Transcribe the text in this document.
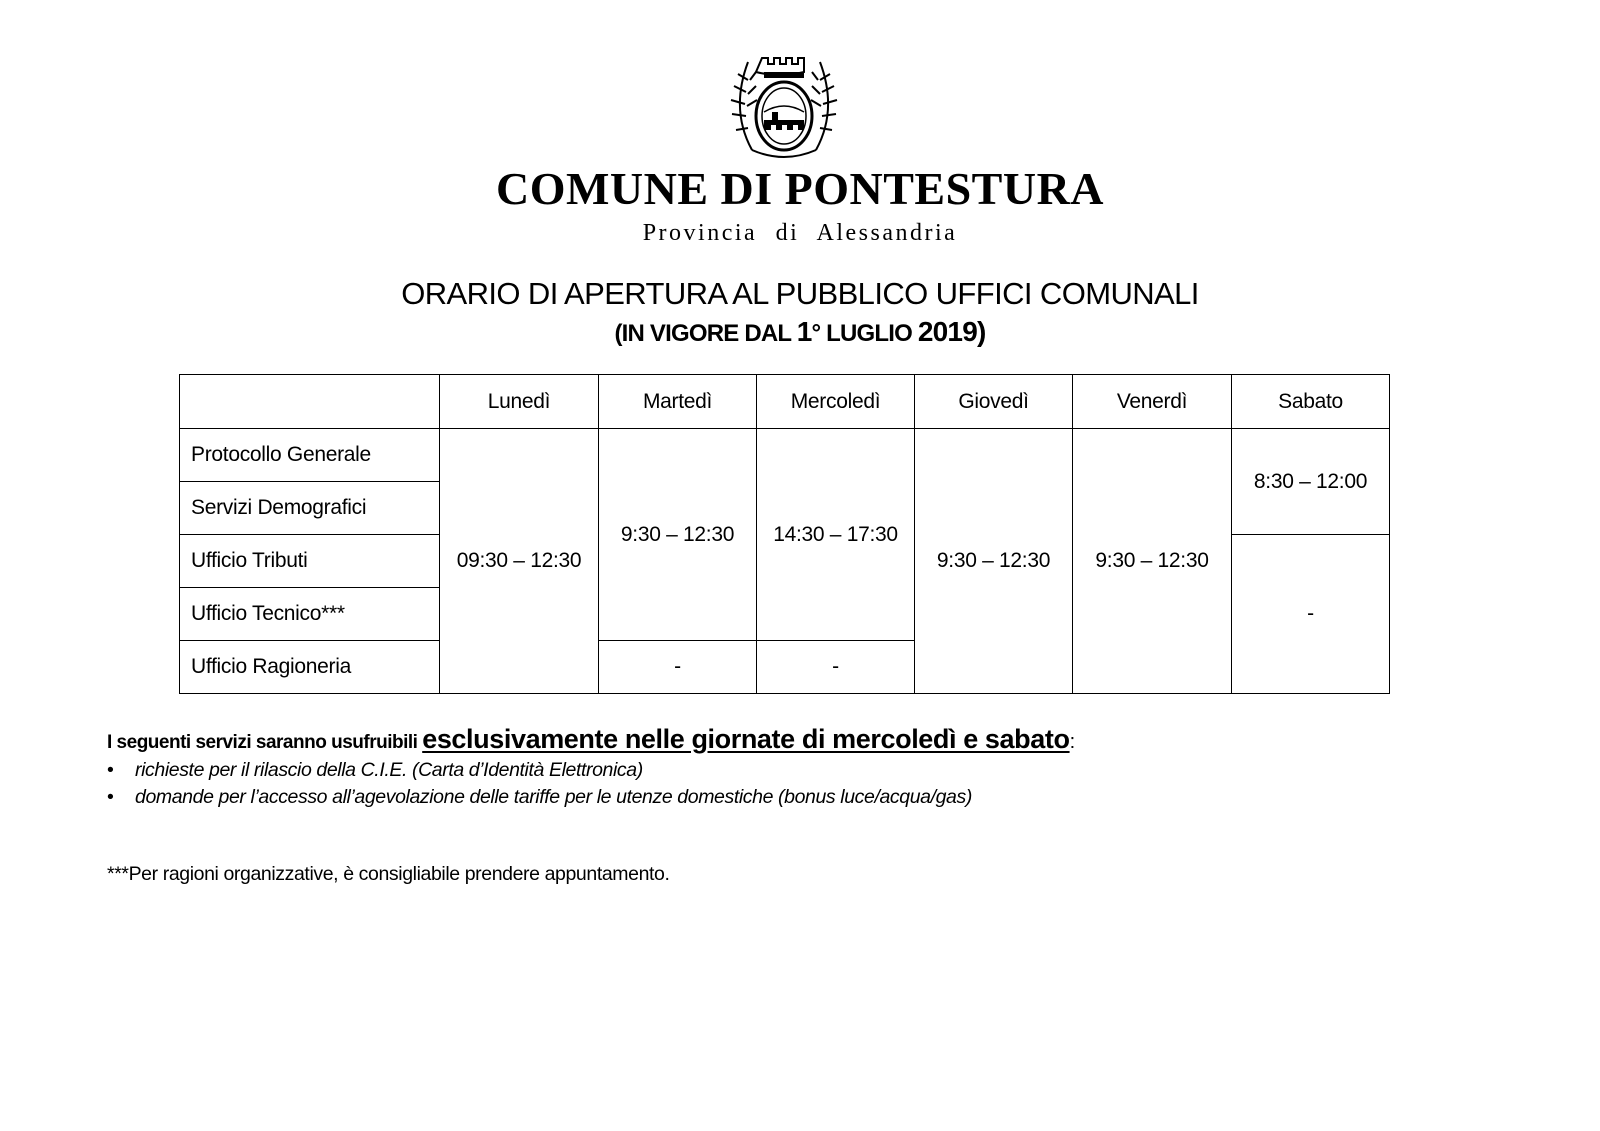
COMUNE DI PONTESTURA
Provincia di Alessandria
ORARIO DI APERTURA AL PUBBLICO UFFICI COMUNALI
(IN VIGORE DAL 1° LUGLIO 2019)
	Lunedì	Martedì	Mercoledì	Giovedì	Venerdì	Sabato
Protocollo Generale	09:30 – 12:30	9:30 – 12:30	14:30 – 17:30	9:30 – 12:30	9:30 – 12:30	8:30 – 12:00
Servizi Demografici						
Ufficio Tributi						-
Ufficio Tecnico***						
Ufficio Ragioneria		-	-			
I seguenti servizi saranno usufruibili esclusivamente nelle giornate di mercoledì e sabato:
• richieste per il rilascio della C.I.E. (Carta d’Identità Elettronica)
• domande per l’accesso all’agevolazione delle tariffe per le utenze domestiche (bonus luce/acqua/gas)
***Per ragioni organizzative, è consigliabile prendere appuntamento.
